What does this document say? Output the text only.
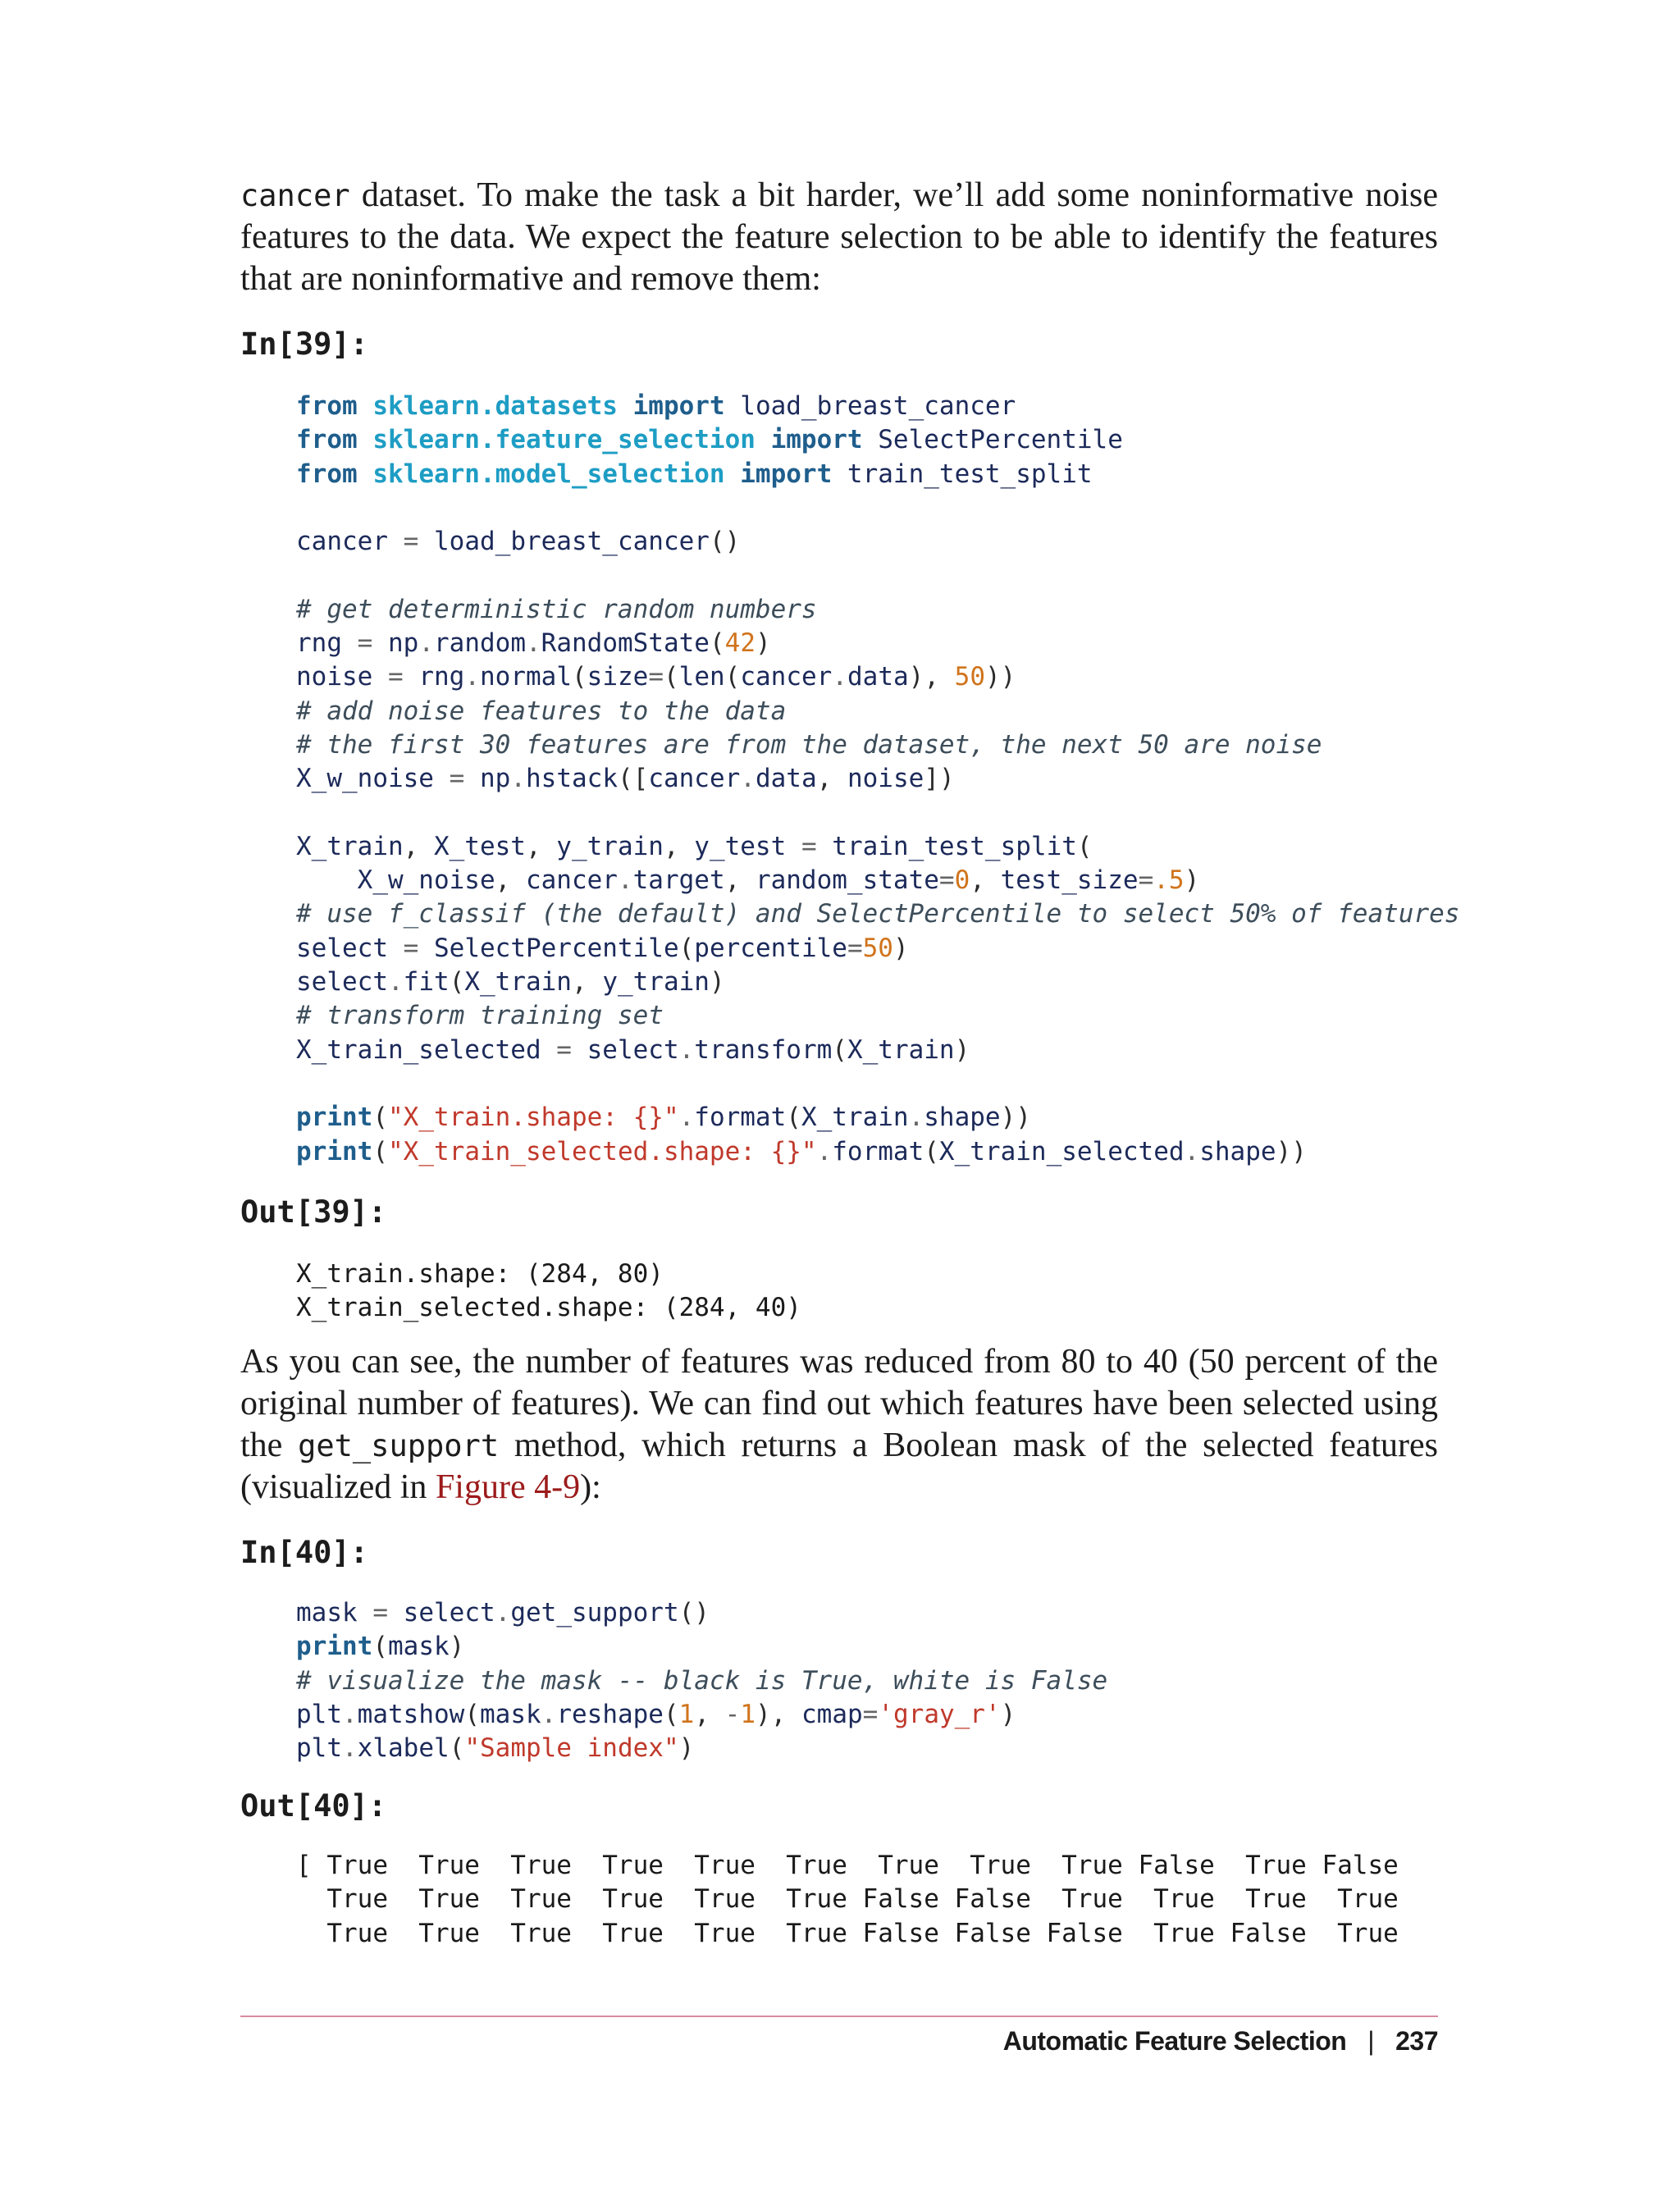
cancer dataset. To make the task a bit harder, we’ll add some noninformative noise features to the data. We expect the feature selection to be able to identify the features that are noninformative and remove them:

In[39]:
from sklearn.datasets import load_breast_cancer
from sklearn.feature_selection import SelectPercentile
from sklearn.model_selection import train_test_split

cancer = load_breast_cancer()

# get deterministic random numbers
rng = np.random.RandomState(42)
noise = rng.normal(size=(len(cancer.data), 50))
# add noise features to the data
# the first 30 features are from the dataset, the next 50 are noise
X_w_noise = np.hstack([cancer.data, noise])

X_train, X_test, y_train, y_test = train_test_split(
X_w_noise, cancer.target, random_state=0, test_size=.5)
# use f_classif (the default) and SelectPercentile to select 50% of features
select = SelectPercentile(percentile=50)
select.fit(X_train, y_train)
# transform training set
X_train_selected = select.transform(X_train)

print("X_train.shape: {}".format(X_train.shape))
print("X_train_selected.shape: {}".format(X_train_selected.shape))
Out[39]:
X_train.shape: (284, 80)
X_train_selected.shape: (284, 40)

As you can see, the number of features was reduced from 80 to 40 (50 percent of the original number of features). We can find out which features have been selected using the get_support method, which returns a Boolean mask of the selected features (visualized in Figure 4-9):

In[40]:
mask = select.get_support()
print(mask)
# visualize the mask -- black is True, white is False
plt.matshow(mask.reshape(1, -1), cmap='gray_r')
plt.xlabel("Sample index")
Out[40]:
[ True  True  True  True  True  True  True  True  True False  True False
True  True  True  True  True  True False False  True  True  True  True
True  True  True  True  True  True False False False  True False  True
Automatic Feature Selection | 237
